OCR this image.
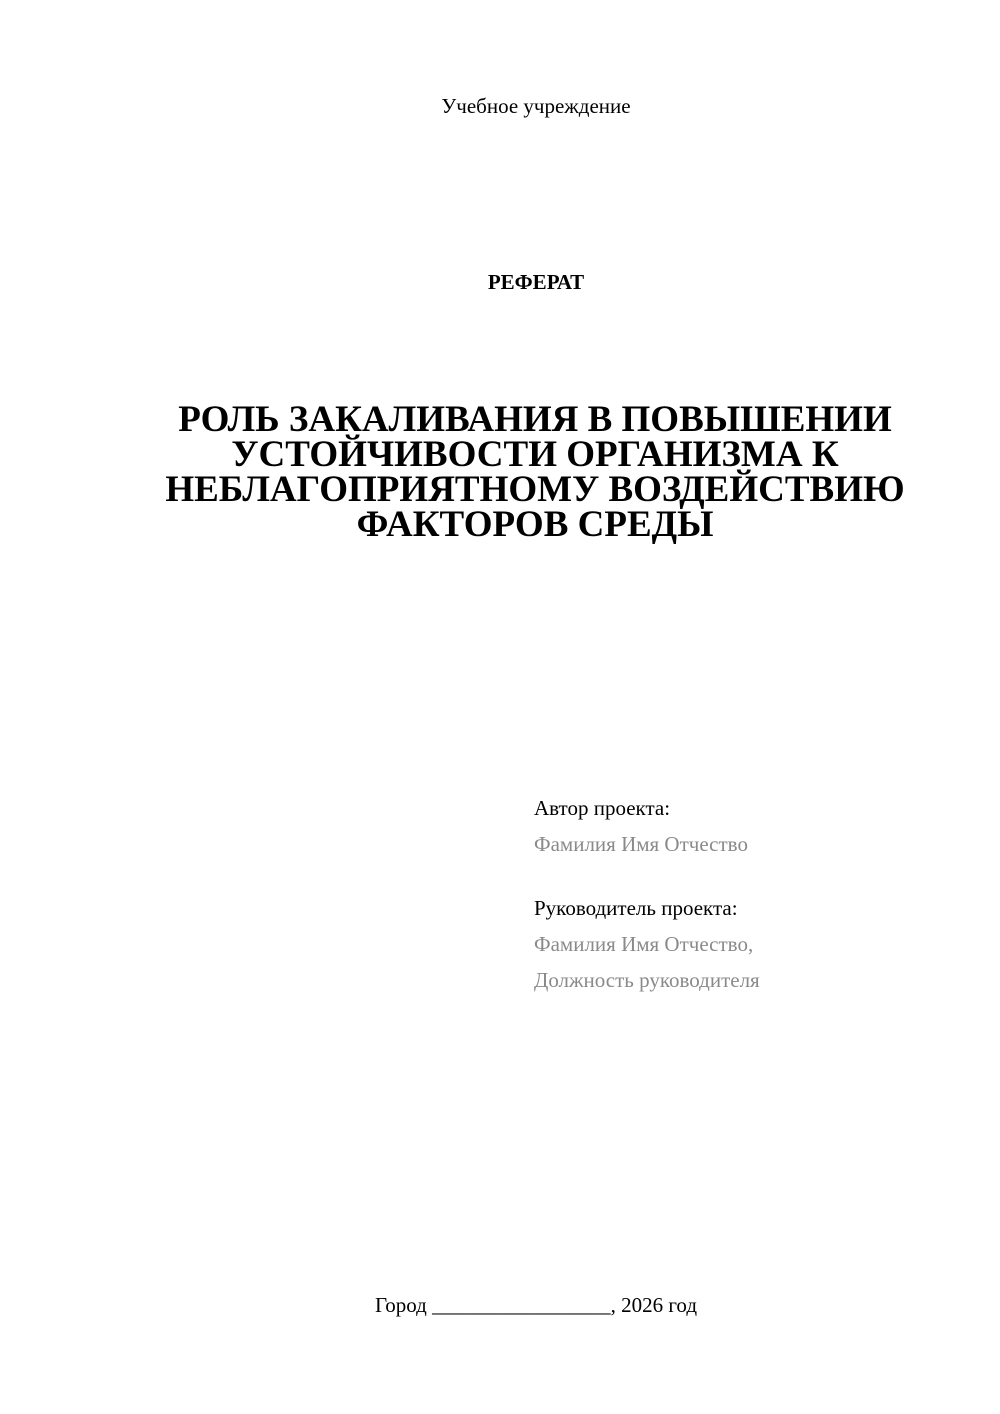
Учебное учреждение
РЕФЕРАТ
РОЛЬ ЗАКАЛИВАНИЯ В ПОВЫШЕНИИ
УСТОЙЧИВОСТИ ОРГАНИЗМА К
НЕБЛАГОПРИЯТНОМУ ВОЗДЕЙСТВИЮ
ФАКТОРОВ СРЕДЫ
Автор проекта:
Фамилия Имя Отчество
Руководитель проекта:
Фамилия Имя Отчество,
Должность руководителя
Город _________________, 2026 год
